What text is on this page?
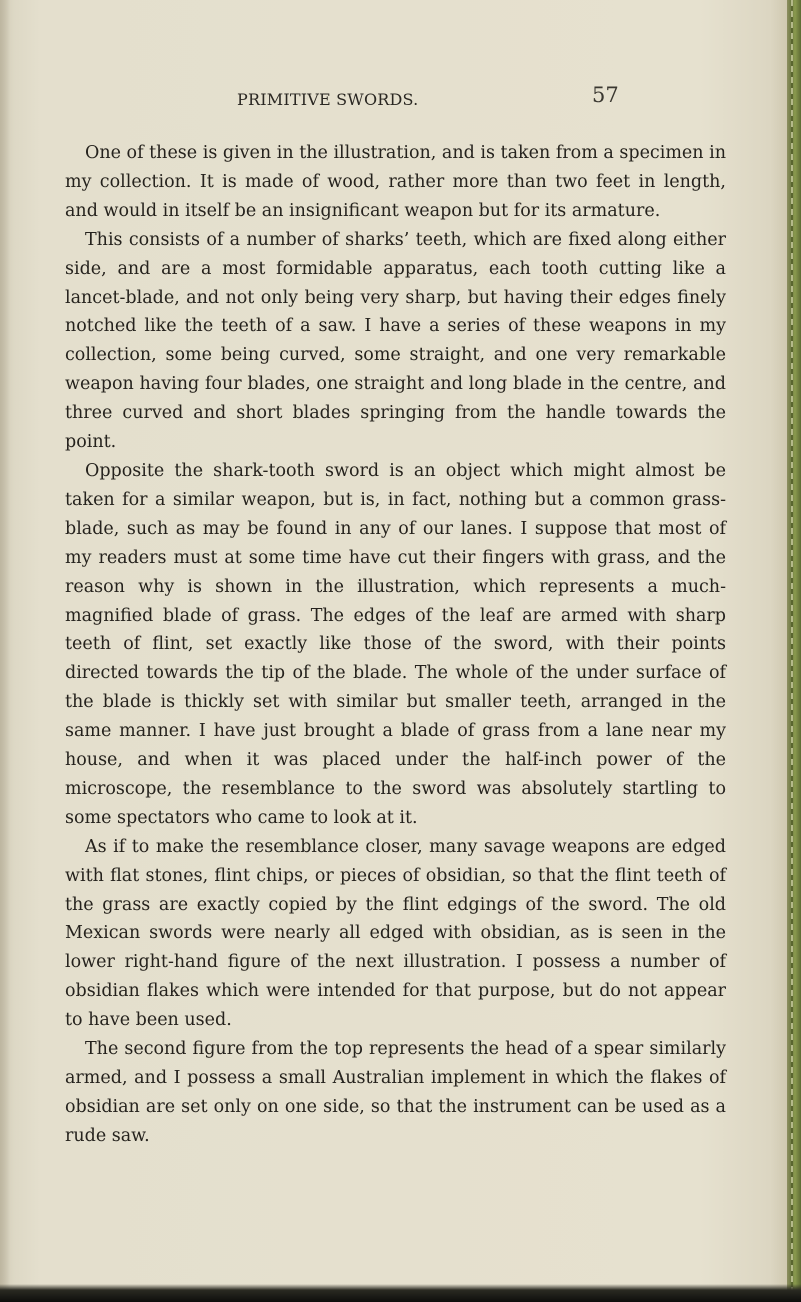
PRIMITIVE SWORDS.	57

One of these is given in the illustration, and is taken from a specimen in my collection. It is made of wood, rather more than two feet in length, and would in itself be an insignificant weapon but for its armature.

This consists of a number of sharks’ teeth, which are fixed along either side, and are a most formidable apparatus, each tooth cutting like a lancet-blade, and not only being very sharp, but having their edges finely notched like the teeth of a saw. I have a series of these weapons in my collection, some being curved, some straight, and one very remarkable weapon having four blades, one straight and long blade in the centre, and three curved and short blades springing from the handle towards the point.

Opposite the shark-tooth sword is an object which might almost be taken for a similar weapon, but is, in fact, nothing but a common grass-blade, such as may be found in any of our lanes. I suppose that most of my readers must at some time have cut their fingers with grass, and the reason why is shown in the illustration, which represents a much-magnified blade of grass. The edges of the leaf are armed with sharp teeth of flint, set exactly like those of the sword, with their points directed towards the tip of the blade. The whole of the under surface of the blade is thickly set with similar but smaller teeth, arranged in the same manner. I have just brought a blade of grass from a lane near my house, and when it was placed under the half-inch power of the microscope, the resemblance to the sword was absolutely startling to some spectators who came to look at it.

As if to make the resemblance closer, many savage weapons are edged with flat stones, flint chips, or pieces of obsidian, so that the flint teeth of the grass are exactly copied by the flint edgings of the sword. The old Mexican swords were nearly all edged with obsidian, as is seen in the lower right-hand figure of the next illustration. I possess a number of obsidian flakes which were intended for that purpose, but do not appear to have been used.

The second figure from the top represents the head of a spear similarly armed, and I possess a small Australian implement in which the flakes of obsidian are set only on one side, so that the instrument can be used as a rude saw.
